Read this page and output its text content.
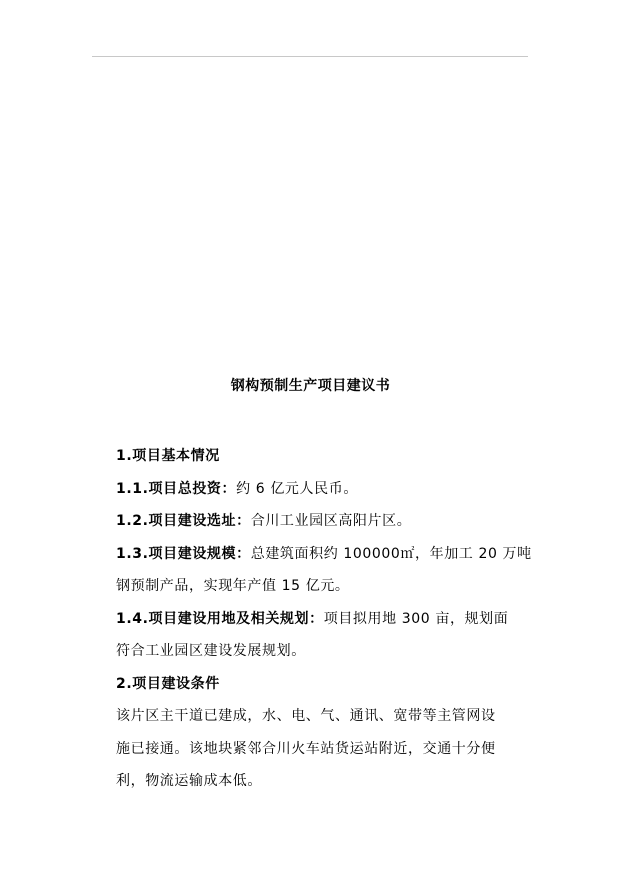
钢构预制生产项目建议书
1.项目基本情况
1.1.项目总投资：约 6 亿元人民币。
1.2.项目建设选址：合川工业园区高阳片区。
1.3.项目建设规模：总建筑面积约 100000㎡，年加工 20 万吨
钢预制产品，实现年产值 15 亿元。
1.4.项目建设用地及相关规划：项目拟用地 300 亩，规划面
符合工业园区建设发展规划。
2.项目建设条件
该片区主干道已建成，水、电、气、通讯、宽带等主管网设
施已接通。该地块紧邻合川火车站货运站附近，交通十分便
利，物流运输成本低。
